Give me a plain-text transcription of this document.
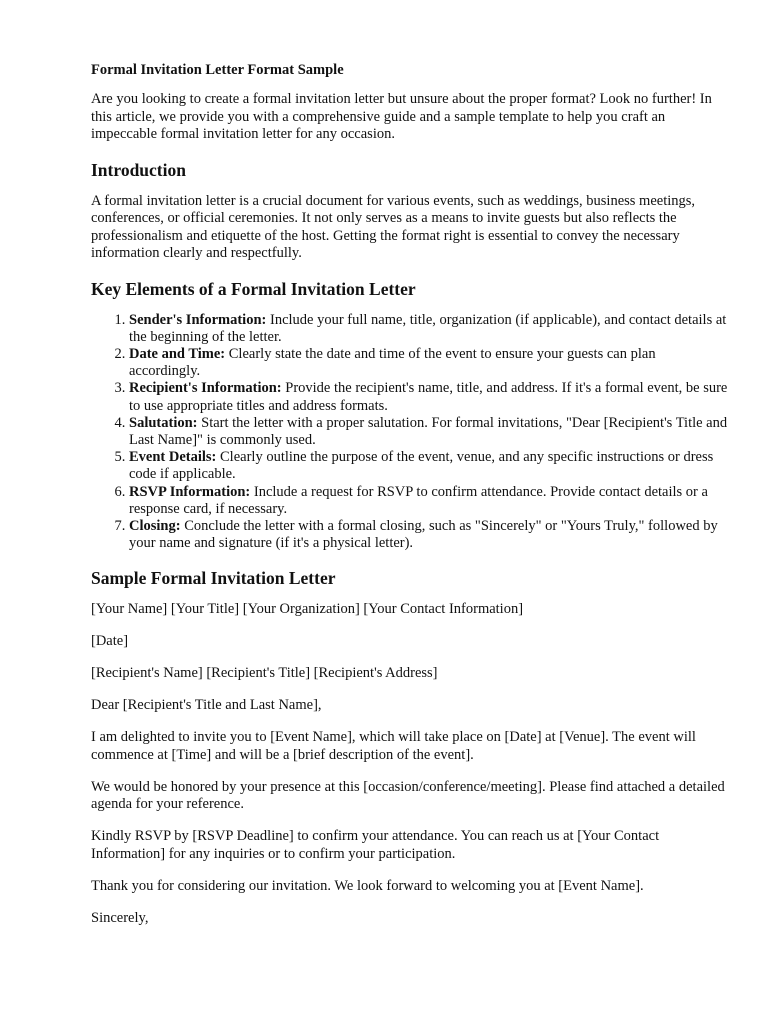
Formal Invitation Letter Format Sample

Are you looking to create a formal invitation letter but unsure about the proper format? Look no further! In this article, we provide you with a comprehensive guide and a sample template to help you craft an impeccable formal invitation letter for any occasion.

Introduction

A formal invitation letter is a crucial document for various events, such as weddings, business meetings, conferences, or official ceremonies. It not only serves as a means to invite guests but also reflects the professionalism and etiquette of the host. Getting the format right is essential to convey the necessary information clearly and respectfully.

Key Elements of a Formal Invitation Letter
1. Sender's Information: Include your full name, title, organization (if applicable), and contact details at the beginning of the letter.
2. Date and Time: Clearly state the date and time of the event to ensure your guests can plan accordingly.
3. Recipient's Information: Provide the recipient's name, title, and address. If it's a formal event, be sure to use appropriate titles and address formats.
4. Salutation: Start the letter with a proper salutation. For formal invitations, "Dear [Recipient's Title and Last Name]" is commonly used.
5. Event Details: Clearly outline the purpose of the event, venue, and any specific instructions or dress code if applicable.
6. RSVP Information: Include a request for RSVP to confirm attendance. Provide contact details or a response card, if necessary.
7. Closing: Conclude the letter with a formal closing, such as "Sincerely" or "Yours Truly," followed by your name and signature (if it's a physical letter).
Sample Formal Invitation Letter

[Your Name] [Your Title] [Your Organization] [Your Contact Information]

[Date]

[Recipient's Name] [Recipient's Title] [Recipient's Address]

Dear [Recipient's Title and Last Name],

I am delighted to invite you to [Event Name], which will take place on [Date] at [Venue]. The event will commence at [Time] and will be a [brief description of the event].

We would be honored by your presence at this [occasion/conference/meeting]. Please find attached a detailed agenda for your reference.

Kindly RSVP by [RSVP Deadline] to confirm your attendance. You can reach us at [Your Contact Information] for any inquiries or to confirm your participation.

Thank you for considering our invitation. We look forward to welcoming you at [Event Name].

Sincerely,
